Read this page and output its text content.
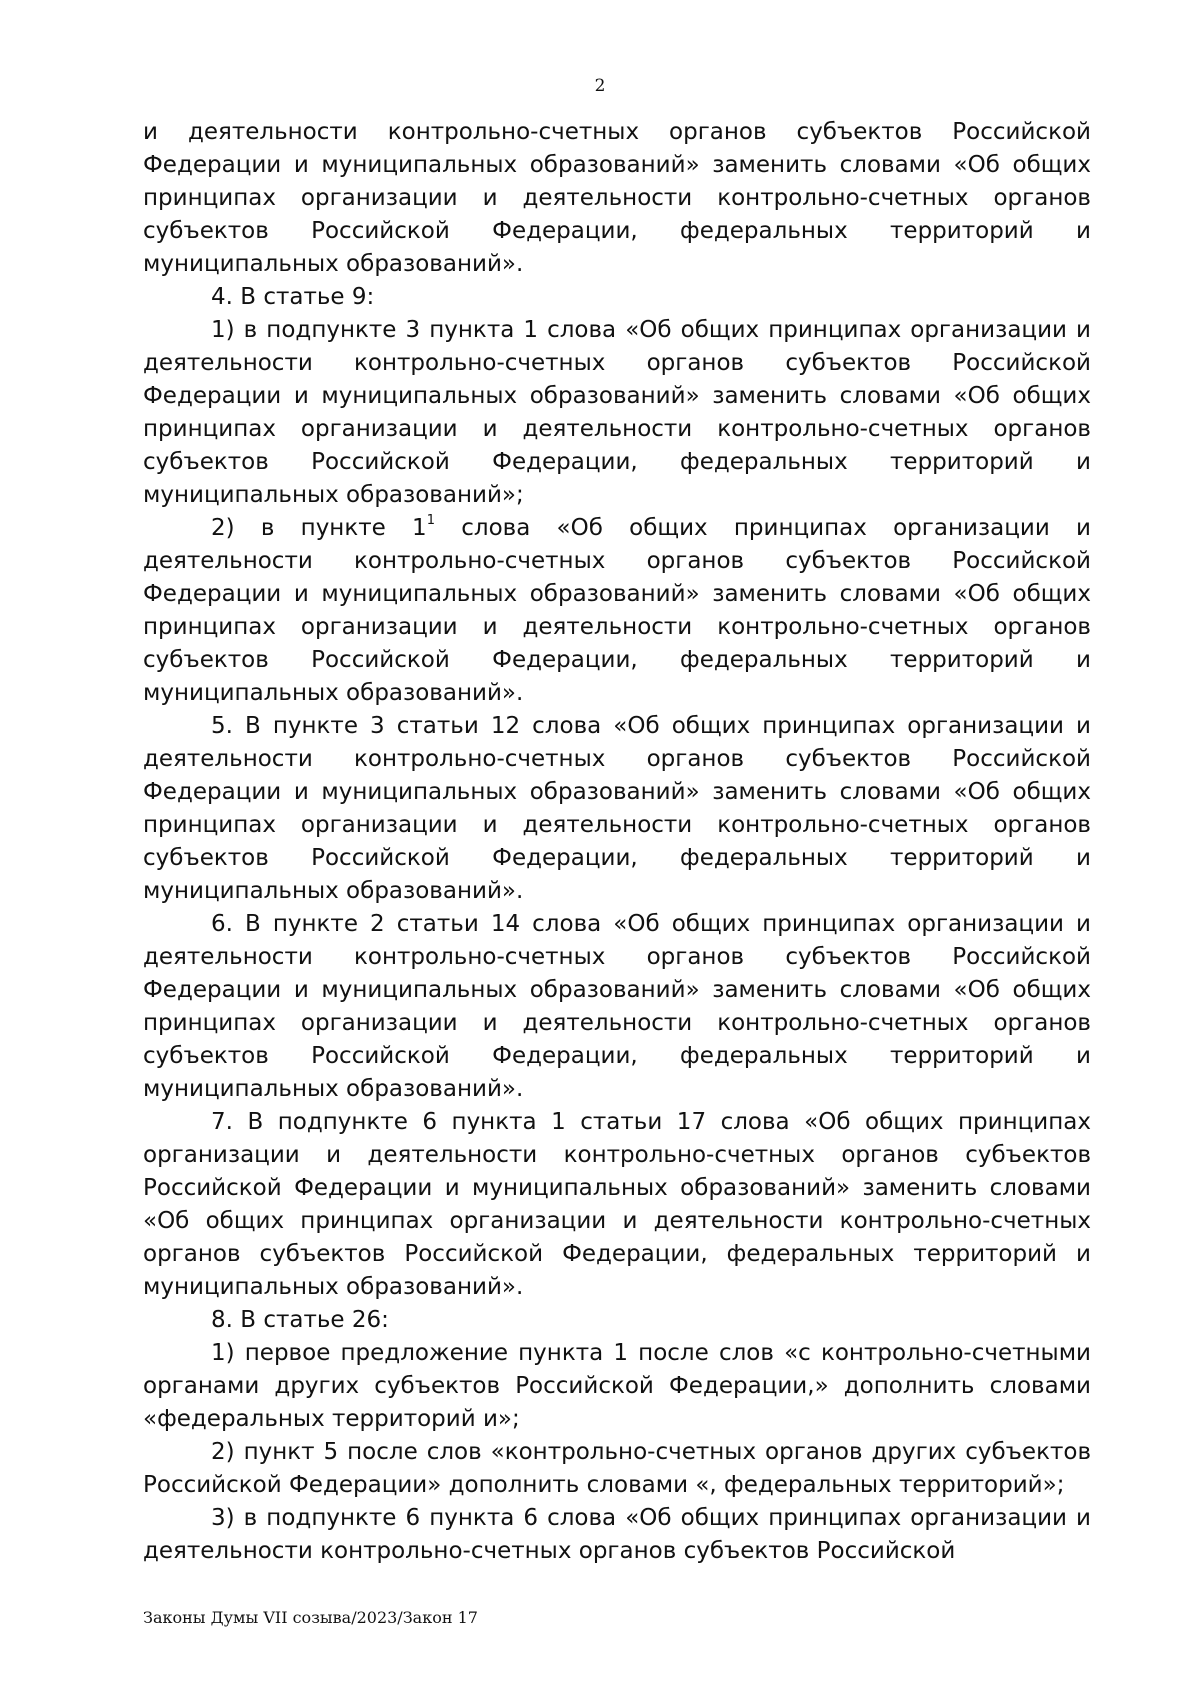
2

и деятельности контрольно-счетных органов субъектов Российской Федерации и муниципальных образований» заменить словами «Об общих принципах организации и деятельности контрольно-счетных органов субъектов Российской Федерации, федеральных территорий и муниципальных образований».

4. В статье 9:

1) в подпункте 3 пункта 1 слова «Об общих принципах организации и деятельности контрольно-счетных органов субъектов Российской Федерации и муниципальных образований» заменить словами «Об общих принципах организации и деятельности контрольно-счетных органов субъектов Российской Федерации, федеральных территорий и муниципальных образований»;

2) в пункте $1^1$ слова «Об общих принципах организации и деятельности контрольно-счетных органов субъектов Российской Федерации и муниципальных образований» заменить словами «Об общих принципах организации и деятельности контрольно-счетных органов субъектов Российской Федерации, федеральных территорий и муниципальных образований».

5. В пункте 3 статьи 12 слова «Об общих принципах организации и деятельности контрольно-счетных органов субъектов Российской Федерации и муниципальных образований» заменить словами «Об общих принципах организации и деятельности контрольно-счетных органов субъектов Российской Федерации, федеральных территорий и муниципальных образований».

6. В пункте 2 статьи 14 слова «Об общих принципах организации и деятельности контрольно-счетных органов субъектов Российской Федерации и муниципальных образований» заменить словами «Об общих принципах организации и деятельности контрольно-счетных органов субъектов Российской Федерации, федеральных территорий и муниципальных образований».

7. В подпункте 6 пункта 1 статьи 17 слова «Об общих принципах организации и деятельности контрольно-счетных органов субъектов Российской Федерации и муниципальных образований» заменить словами «Об общих принципах организации и деятельности контрольно-счетных органов субъектов Российской Федерации, федеральных территорий и муниципальных образований».

8. В статье 26:

1) первое предложение пункта 1 после слов «с контрольно-счетными органами других субъектов Российской Федерации,» дополнить словами «федеральных территорий и»;

2) пункт 5 после слов «контрольно-счетных органов других субъектов Российской Федерации» дополнить словами «, федеральных территорий»;

3) в подпункте 6 пункта 6 слова «Об общих принципах организации и деятельности контрольно-счетных органов субъектов Российской

Законы Думы VII созыва/2023/Закон 17
